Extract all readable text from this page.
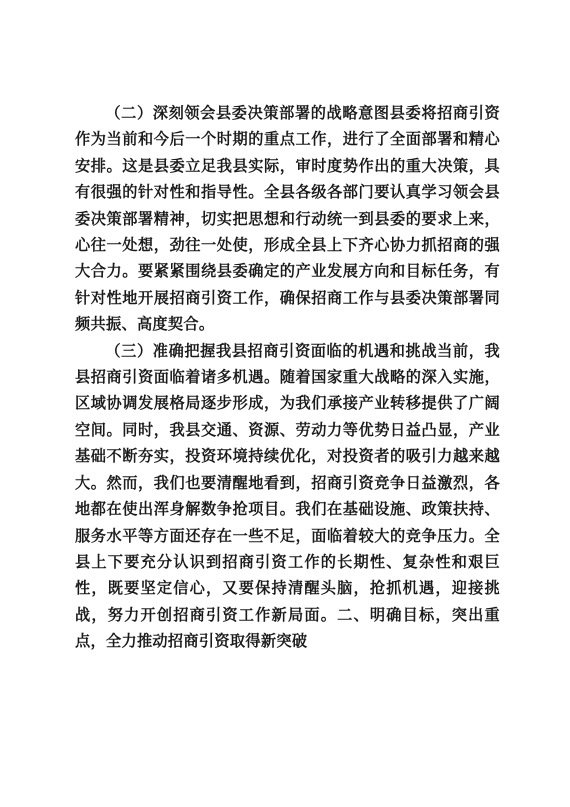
（二）深刻领会县委决策部署的战略意图县委将招商引资作为当前和今后一个时期的重点工作，进行了全面部署和精心安排。这是县委立足我县实际，审时度势作出的重大决策，具有很强的针对性和指导性。全县各级各部门要认真学习领会县委决策部署精神，切实把思想和行动统一到县委的要求上来，心往一处想，劲往一处使，形成全县上下齐心协力抓招商的强大合力。要紧紧围绕县委确定的产业发展方向和目标任务，有针对性地开展招商引资工作，确保招商工作与县委决策部署同频共振、高度契合。

（三）准确把握我县招商引资面临的机遇和挑战当前，我县招商引资面临着诸多机遇。随着国家重大战略的深入实施，区域协调发展格局逐步形成，为我们承接产业转移提供了广阔空间。同时，我县交通、资源、劳动力等优势日益凸显，产业基础不断夯实，投资环境持续优化，对投资者的吸引力越来越大。然而，我们也要清醒地看到，招商引资竞争日益激烈，各地都在使出浑身解数争抢项目。我们在基础设施、政策扶持、服务水平等方面还存在一些不足，面临着较大的竞争压力。全县上下要充分认识到招商引资工作的长期性、复杂性和艰巨性，既要坚定信心，又要保持清醒头脑，抢抓机遇，迎接挑战，努力开创招商引资工作新局面。二、明确目标，突出重点，全力推动招商引资取得新突破
